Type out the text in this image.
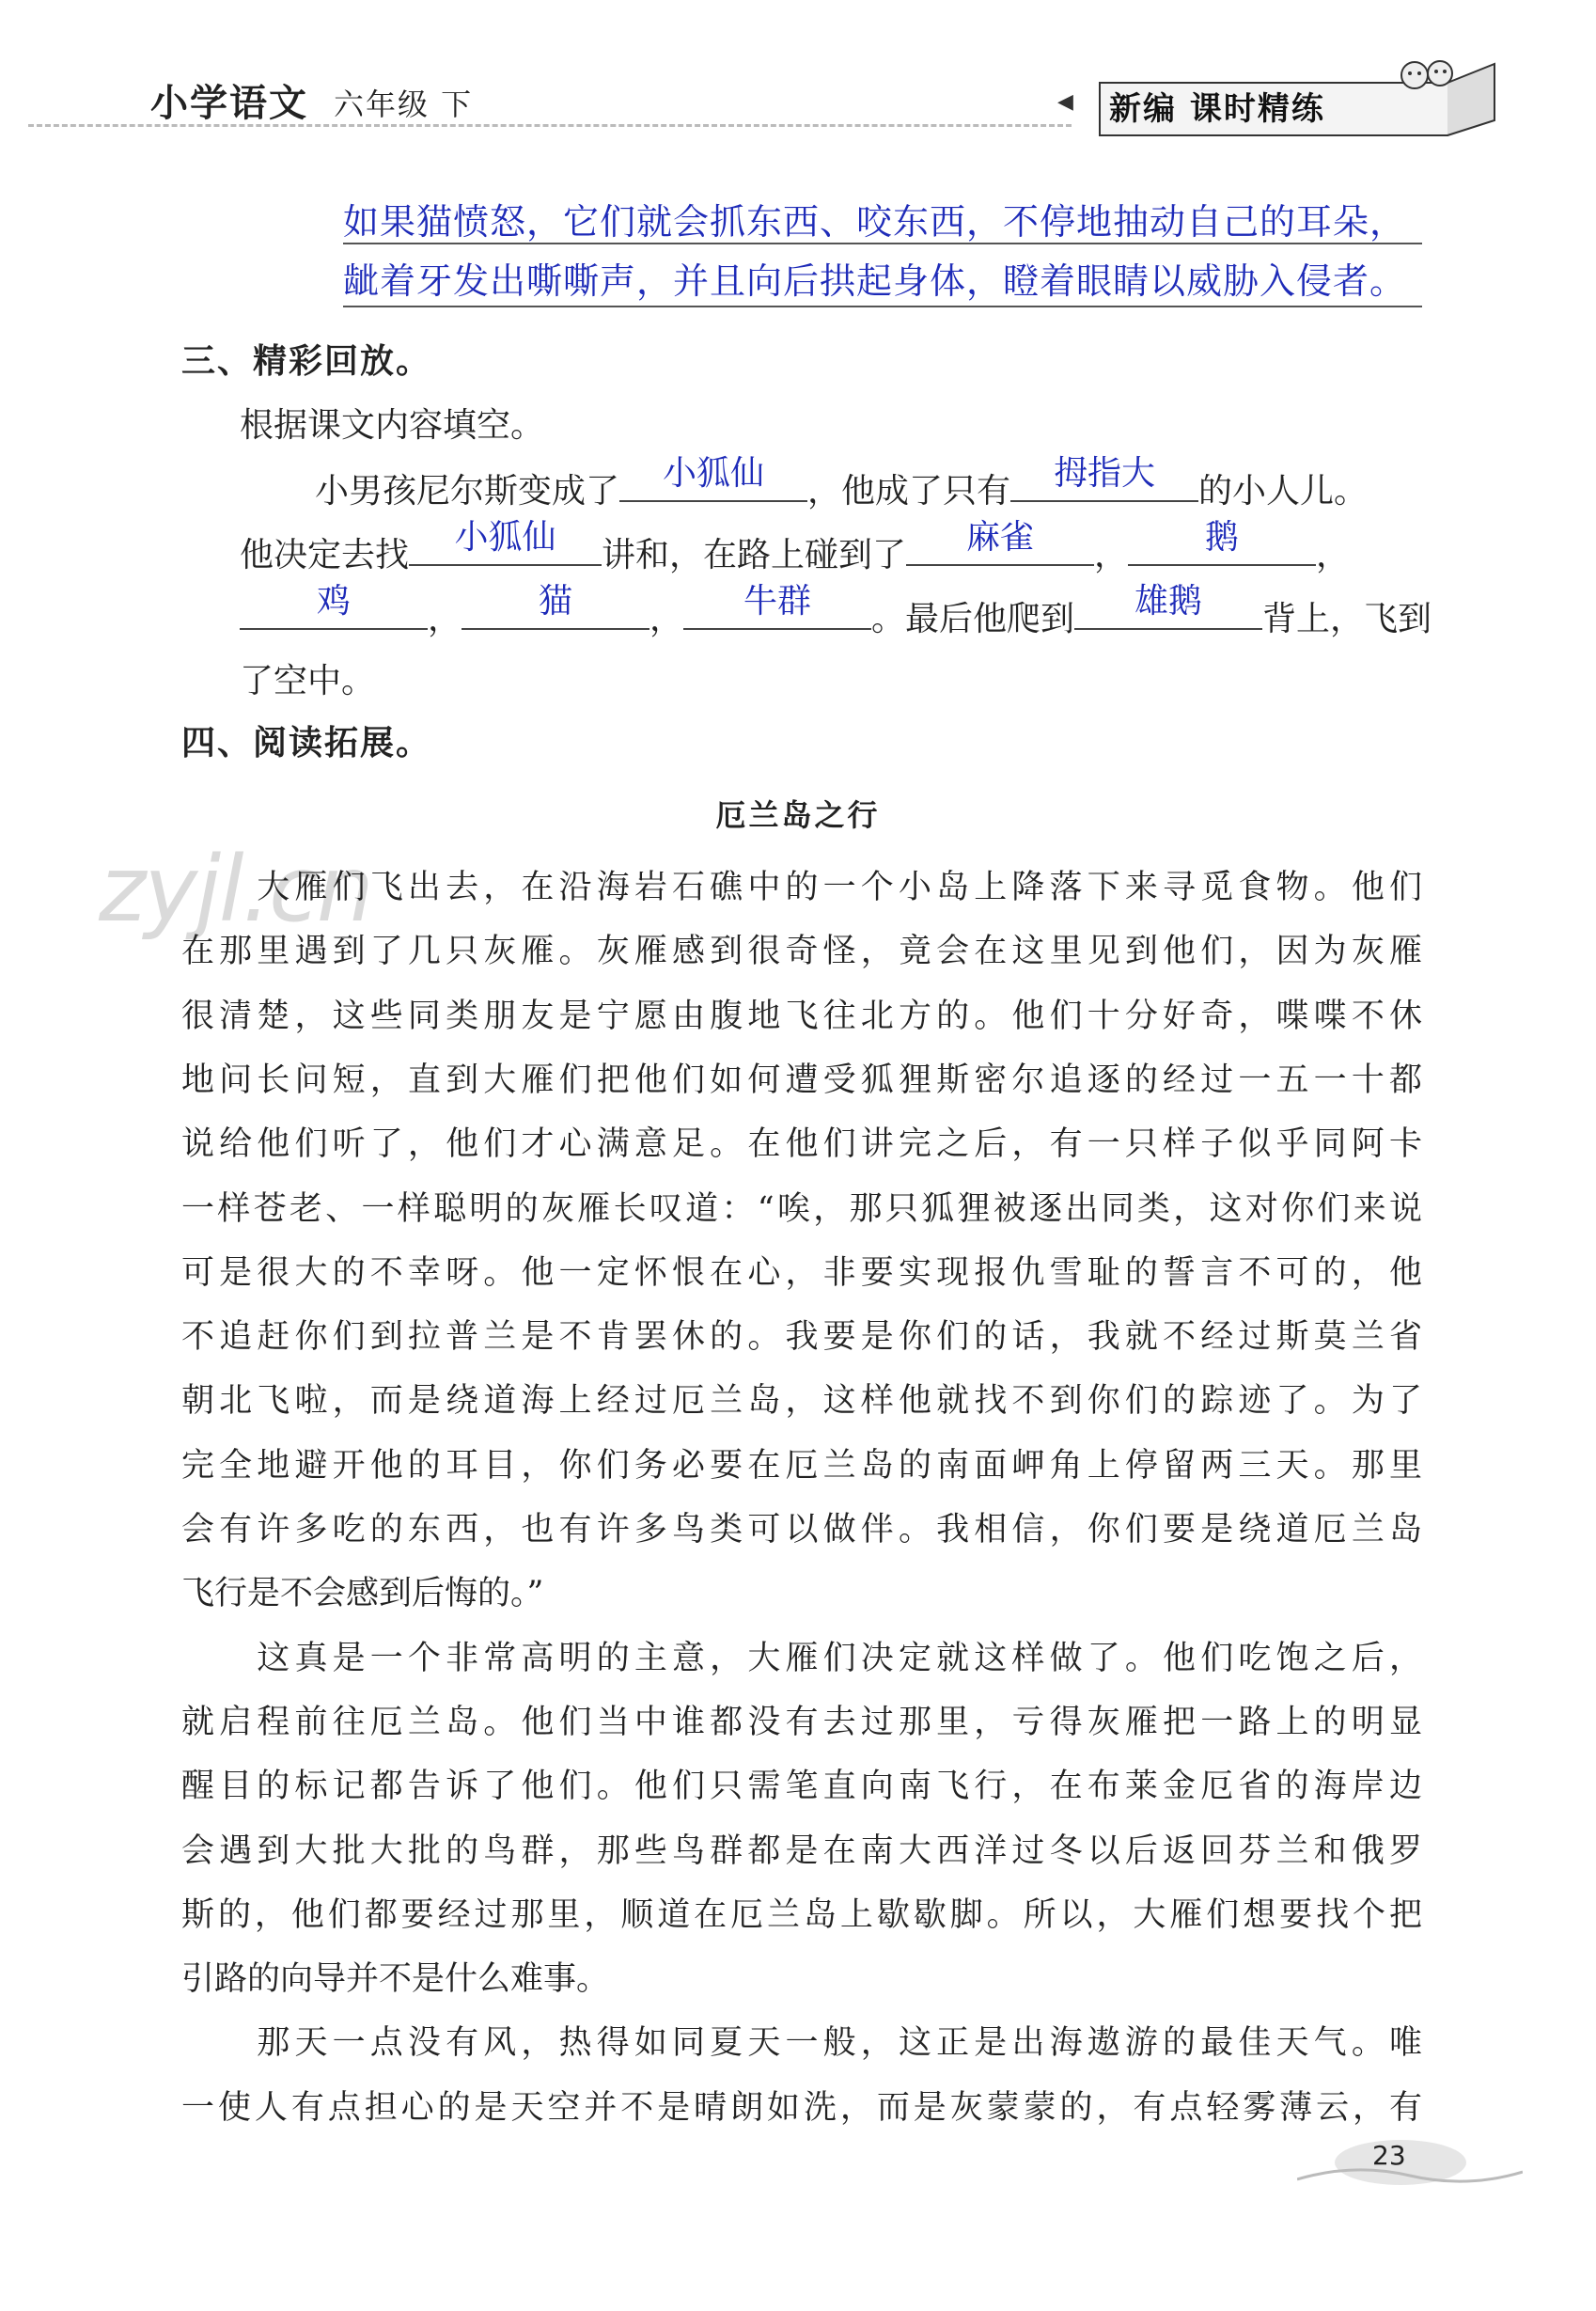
小学语文 六年级 下	◀ 新编 课时精练
如果猫愤怒，它们就会抓东西、咬东西，不停地抽动自己的耳朵，
龇着牙发出嘶嘶声，并且向后拱起身体，瞪着眼睛以威胁入侵者。
三、精彩回放。
根据课文内容填空。
小男孩尼尔斯变成了	小狐仙	，他成了只有	拇指大	的小人儿。
他决定去找	小狐仙	讲和，在路上碰到了	麻雀	，	鹅	，
鸡	，	猫	，	牛群	。最后他爬到	雄鹅	背上，飞到
了空中。
四、阅读拓展。
厄兰岛之行
zyjl.cn
　　大雁们飞出去，在沿海岩石礁中的一个小岛上降落下来寻觅食物。他们
在那里遇到了几只灰雁。灰雁感到很奇怪，竟会在这里见到他们，因为灰雁
很清楚，这些同类朋友是宁愿由腹地飞往北方的。他们十分好奇，喋喋不休
地问长问短，直到大雁们把他们如何遭受狐狸斯密尔追逐的经过一五一十都
说给他们听了，他们才心满意足。在他们讲完之后，有一只样子似乎同阿卡
一样苍老、一样聪明的灰雁长叹道：“唉，那只狐狸被逐出同类，这对你们来说
可是很大的不幸呀。他一定怀恨在心，非要实现报仇雪耻的誓言不可的，他
不追赶你们到拉普兰是不肯罢休的。我要是你们的话，我就不经过斯莫兰省
朝北飞啦，而是绕道海上经过厄兰岛，这样他就找不到你们的踪迹了。为了
完全地避开他的耳目，你们务必要在厄兰岛的南面岬角上停留两三天。那里
会有许多吃的东西，也有许多鸟类可以做伴。我相信，你们要是绕道厄兰岛
飞行是不会感到后悔的。”
　　这真是一个非常高明的主意，大雁们决定就这样做了。他们吃饱之后，
就启程前往厄兰岛。他们当中谁都没有去过那里，亏得灰雁把一路上的明显
醒目的标记都告诉了他们。他们只需笔直向南飞行，在布莱金厄省的海岸边
会遇到大批大批的鸟群，那些鸟群都是在南大西洋过冬以后返回芬兰和俄罗
斯的，他们都要经过那里，顺道在厄兰岛上歇歇脚。所以，大雁们想要找个把
引路的向导并不是什么难事。
　　那天一点没有风，热得如同夏天一般，这正是出海遨游的最佳天气。唯
一使人有点担心的是天空并不是晴朗如洗，而是灰蒙蒙的，有点轻雾薄云，有
23
